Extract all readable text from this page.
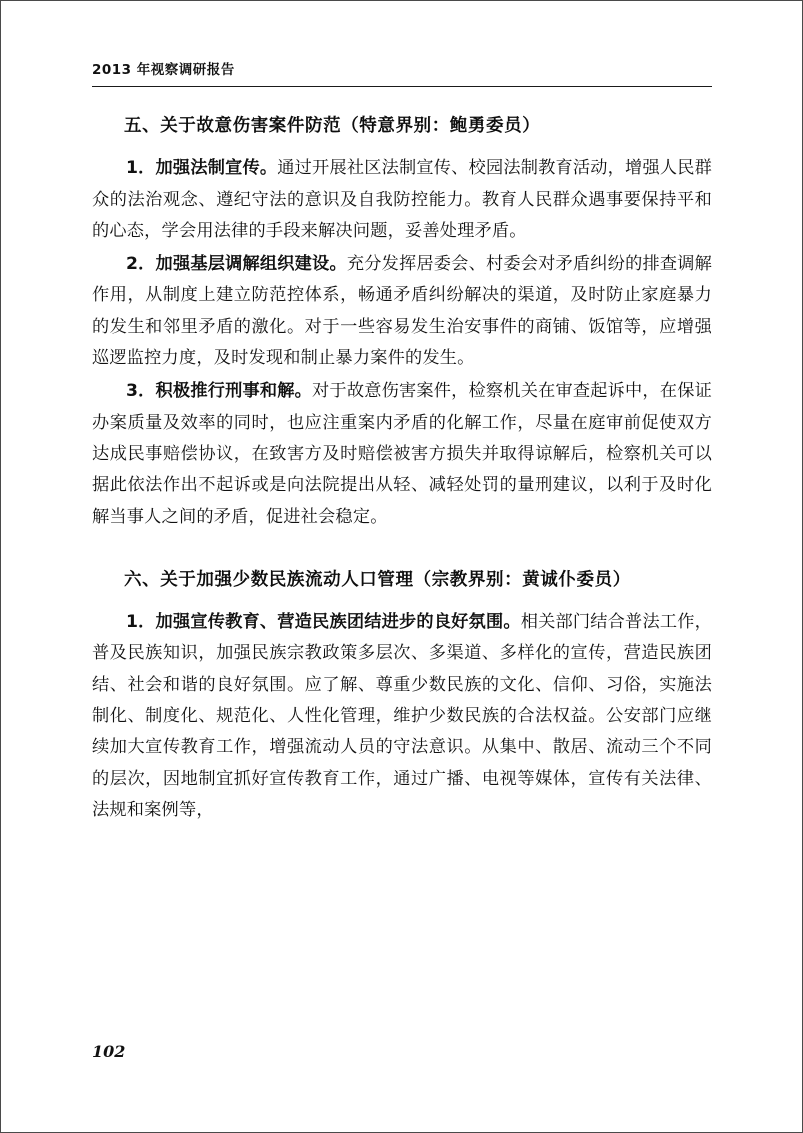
2013 年视察调研报告
五、关于故意伤害案件防范（特意界别：鲍勇委员）

1．加强法制宣传。通过开展社区法制宣传、校园法制教育活动，增强人民群众的法治观念、遵纪守法的意识及自我防控能力。教育人民群众遇事要保持平和的心态，学会用法律的手段来解决问题，妥善处理矛盾。

2．加强基层调解组织建设。充分发挥居委会、村委会对矛盾纠纷的排查调解作用，从制度上建立防范控体系，畅通矛盾纠纷解决的渠道，及时防止家庭暴力的发生和邻里矛盾的激化。对于一些容易发生治安事件的商铺、饭馆等，应增强巡逻监控力度，及时发现和制止暴力案件的发生。

3．积极推行刑事和解。对于故意伤害案件，检察机关在审查起诉中，在保证办案质量及效率的同时，也应注重案内矛盾的化解工作，尽量在庭审前促使双方达成民事赔偿协议，在致害方及时赔偿被害方损失并取得谅解后，检察机关可以据此依法作出不起诉或是向法院提出从轻、减轻处罚的量刑建议，以利于及时化解当事人之间的矛盾，促进社会稳定。

六、关于加强少数民族流动人口管理（宗教界别：黄诚仆委员）

1．加强宣传教育、营造民族团结进步的良好氛围。相关部门结合普法工作，普及民族知识，加强民族宗教政策多层次、多渠道、多样化的宣传，营造民族团结、社会和谐的良好氛围。应了解、尊重少数民族的文化、信仰、习俗，实施法制化、制度化、规范化、人性化管理，维护少数民族的合法权益。公安部门应继续加大宣传教育工作，增强流动人员的守法意识。从集中、散居、流动三个不同的层次，因地制宜抓好宣传教育工作，通过广播、电视等媒体，宣传有关法律、法规和案例等，

102
